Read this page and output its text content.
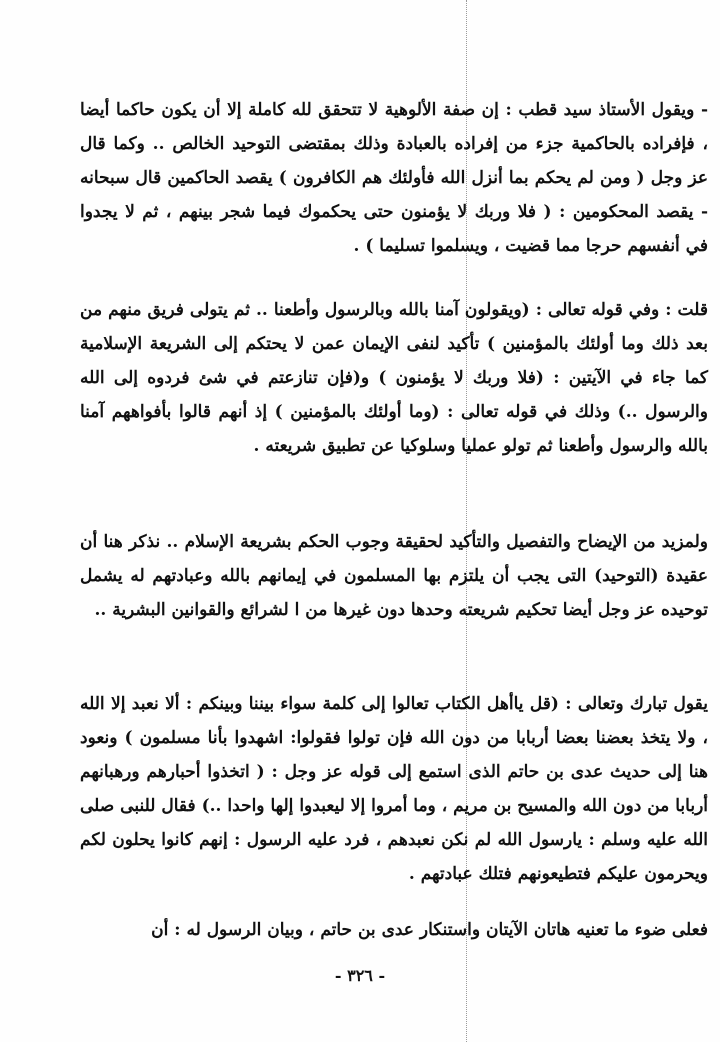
- ويقول الأستاذ سيد قطب : إن صفة الألوهية لا تتحقق لله كاملة إلا أن يكون حاكما أيضا ، فإفراده بالحاكمية جزء من إفراده بالعبادة وذلك بمقتضى التوحيد الخالص .. وكما قال عز وجل ( ومن لم يحكم بما أنزل الله فأولئك هم الكافرون ) يقصد الحاكمين قال سبحانه - يقصد المحكومين : ( فلا وربك لا يؤمنون حتى يحكموك فيما شجر بينهم ، ثم لا يجدوا في أنفسهم حرجا مما قضيت ، ويسلموا تسليما ) .

قلت : وفي قوله تعالى : (ويقولون آمنا بالله وبالرسول وأطعنا .. ثم يتولى فريق منهم من بعد ذلك وما أولئك بالمؤمنين ) تأكيد لنفى الإيمان عمن لا يحتكم إلى الشريعة الإسلامية كما جاء في الآيتين : (فلا وربك لا يؤمنون ) و(فإن تنازعتم في شئ فردوه إلى الله والرسول ..) وذلك في قوله تعالى : (وما أولئك بالمؤمنين ) إذ أنهم قالوا بأفواههم آمنا بالله والرسول وأطعنا ثم تولو عمليا وسلوكيا عن تطبيق شريعته .

ولمزيد من الإيضاح والتفصيل والتأكيد لحقيقة وجوب الحكم بشريعة الإسلام .. نذكر هنا أن عقيدة (التوحيد) التى يجب أن يلتزم بها المسلمون في إيمانهم بالله وعبادتهم له يشمل توحيده عز وجل أيضا تحكيم شريعته وحدها دون غيرها من ا لشرائع والقوانين البشرية ..

يقول تبارك وتعالى : (قل ياأهل الكتاب تعالوا إلى كلمة سواء بيننا وبينكم : ألا نعبد إلا الله ، ولا يتخذ بعضنا بعضا أربابا من دون الله فإن تولوا فقولوا: اشهدوا بأنا مسلمون ) ونعود هنا إلى حديث عدى بن حاتم الذى استمع إلى قوله عز وجل : ( اتخذوا أحبارهم ورهبانهم أربابا من دون الله والمسيح بن مريم ، وما أمروا إلا ليعبدوا إلها واحدا ..) فقال للنبى صلى الله عليه وسلم : يارسول الله لم نكن نعبدهم ، فرد عليه الرسول : إنهم كانوا يحلون لكم ويحرمون عليكم فتطيعونهم فتلك عبادتهم .

فعلى ضوء ما تعنيه هاتان الآيتان واستنكار عدى بن حاتم ، وبيان الرسول له : أن

- ٣٢٦ -
